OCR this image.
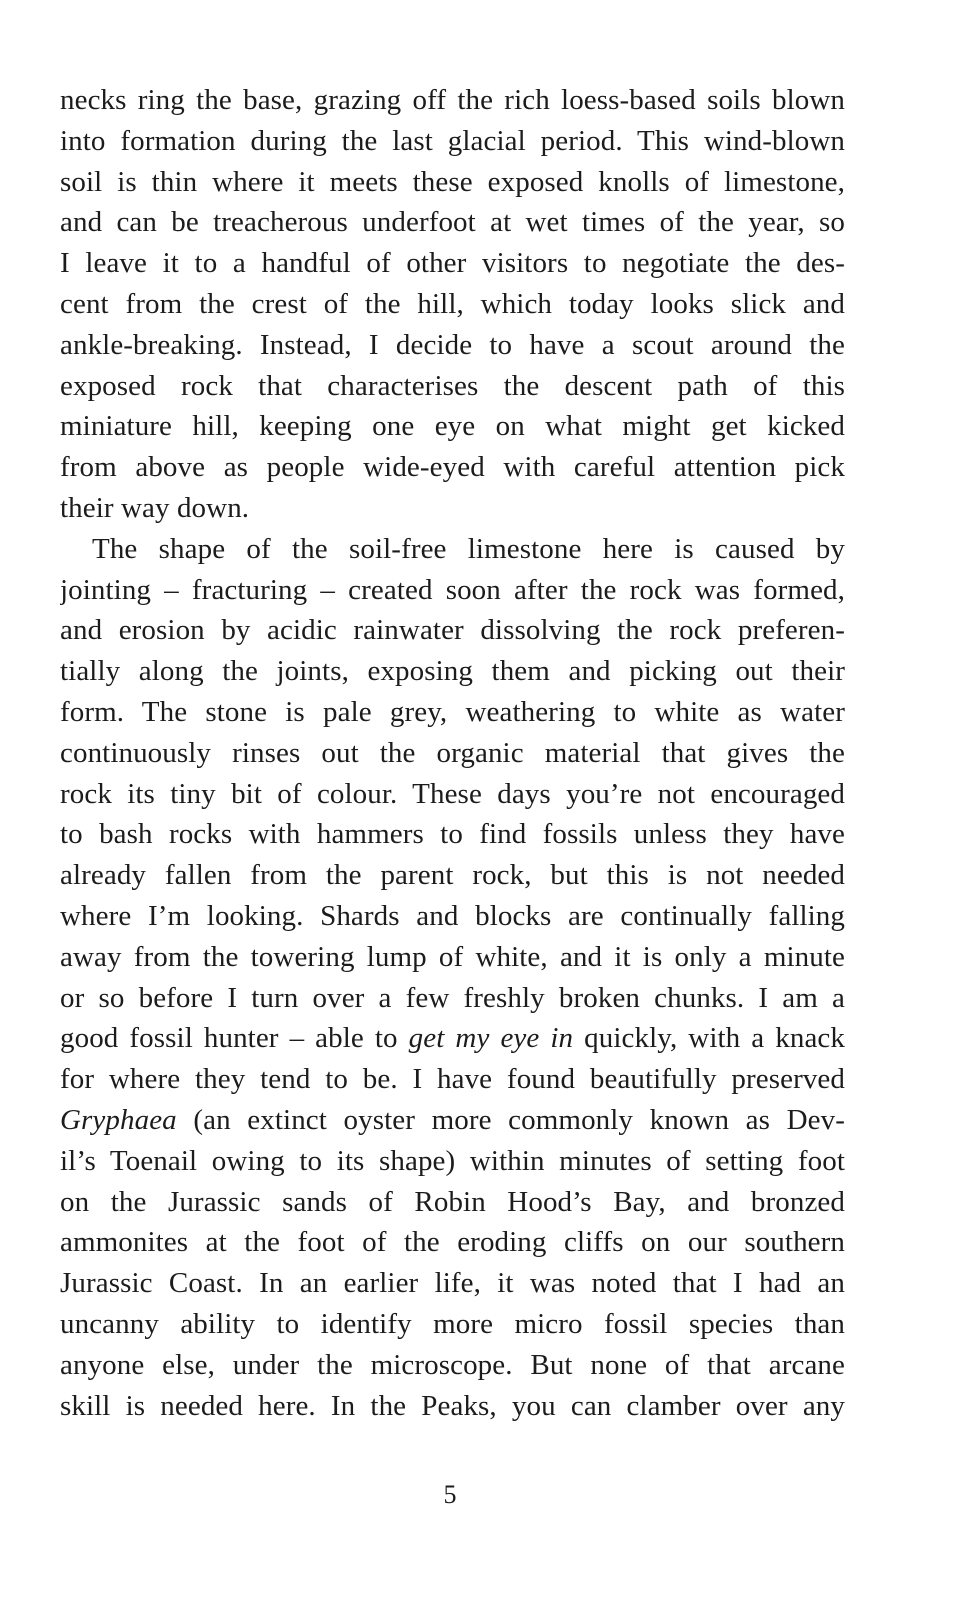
necks ring the base, grazing off the rich loess-based soils blown
into formation during the last glacial period. This wind-blown
soil is thin where it meets these exposed knolls of limestone,
and can be treacherous underfoot at wet times of the year, so
I leave it to a handful of other visitors to negotiate the des-
cent from the crest of the hill, which today looks slick and
ankle-breaking. Instead, I decide to have a scout around the
exposed rock that characterises the descent path of this
miniature hill, keeping one eye on what might get kicked
from above as people wide-eyed with careful attention pick
their way down.
The shape of the soil-free limestone here is caused by
jointing – fracturing – created soon after the rock was formed,
and erosion by acidic rainwater dissolving the rock preferen-
tially along the joints, exposing them and picking out their
form. The stone is pale grey, weathering to white as water
continuously rinses out the organic material that gives the
rock its tiny bit of colour. These days you’re not encouraged
to bash rocks with hammers to find fossils unless they have
already fallen from the parent rock, but this is not needed
where I’m looking. Shards and blocks are continually falling
away from the towering lump of white, and it is only a minute
or so before I turn over a few freshly broken chunks. I am a
good fossil hunter – able to get my eye in quickly, with a knack
for where they tend to be. I have found beautifully preserved
Gryphaea (an extinct oyster more commonly known as Dev-
il’s Toenail owing to its shape) within minutes of setting foot
on the Jurassic sands of Robin Hood’s Bay, and bronzed
ammonites at the foot of the eroding cliffs on our southern
Jurassic Coast. In an earlier life, it was noted that I had an
uncanny ability to identify more micro fossil species than
anyone else, under the microscope. But none of that arcane
skill is needed here. In the Peaks, you can clamber over any
5
